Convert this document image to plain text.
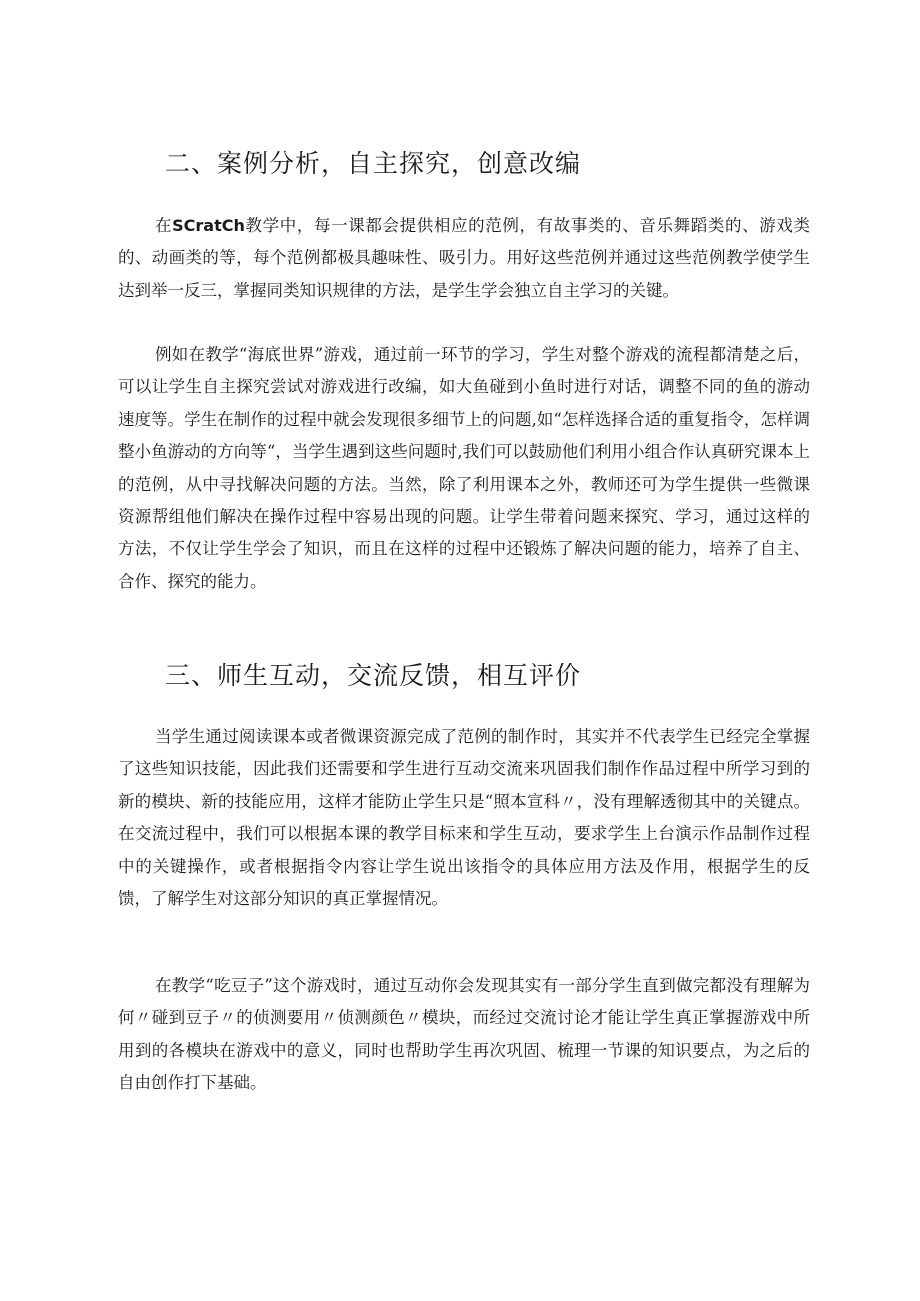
二、案例分析，自主探究，创意改编

在SCratCh教学中，每一课都会提供相应的范例，有故事类的、音乐舞蹈类的、游戏类的、动画类的等，每个范例都极具趣味性、吸引力。用好这些范例并通过这些范例教学使学生达到举一反三，掌握同类知识规律的方法，是学生学会独立自主学习的关键。

例如在教学“海底世界”游戏，通过前一环节的学习，学生对整个游戏的流程都清楚之后，可以让学生自主探究尝试对游戏进行改编，如大鱼碰到小鱼时进行对话，调整不同的鱼的游动速度等。学生在制作的过程中就会发现很多细节上的问题,如“怎样选择合适的重复指令，怎样调整小鱼游动的方向等“，当学生遇到这些问题时,我们可以鼓励他们利用小组合作认真研究课本上的范例，从中寻找解决问题的方法。当然，除了利用课本之外，教师还可为学生提供一些微课资源帮组他们解决在操作过程中容易出现的问题。让学生带着问题来探究、学习，通过这样的方法，不仅让学生学会了知识，而且在这样的过程中还锻炼了解决问题的能力，培养了自主、合作、探究的能力。

三、师生互动，交流反馈，相互评价

当学生通过阅读课本或者微课资源完成了范例的制作时，其实并不代表学生已经完全掌握了这些知识技能，因此我们还需要和学生进行互动交流来巩固我们制作作品过程中所学习到的新的模块、新的技能应用，这样才能防止学生只是“照本宣科〃，没有理解透彻其中的关键点。在交流过程中，我们可以根据本课的教学目标来和学生互动，要求学生上台演示作品制作过程中的关键操作，或者根据指令内容让学生说出该指令的具体应用方法及作用，根据学生的反馈，了解学生对这部分知识的真正掌握情况。

在教学“吃豆子”这个游戏时，通过互动你会发现其实有一部分学生直到做完都没有理解为何〃碰到豆子〃的侦测要用〃侦测颜色〃模块，而经过交流讨论才能让学生真正掌握游戏中所用到的各模块在游戏中的意义，同时也帮助学生再次巩固、梳理一节课的知识要点，为之后的自由创作打下基础。
